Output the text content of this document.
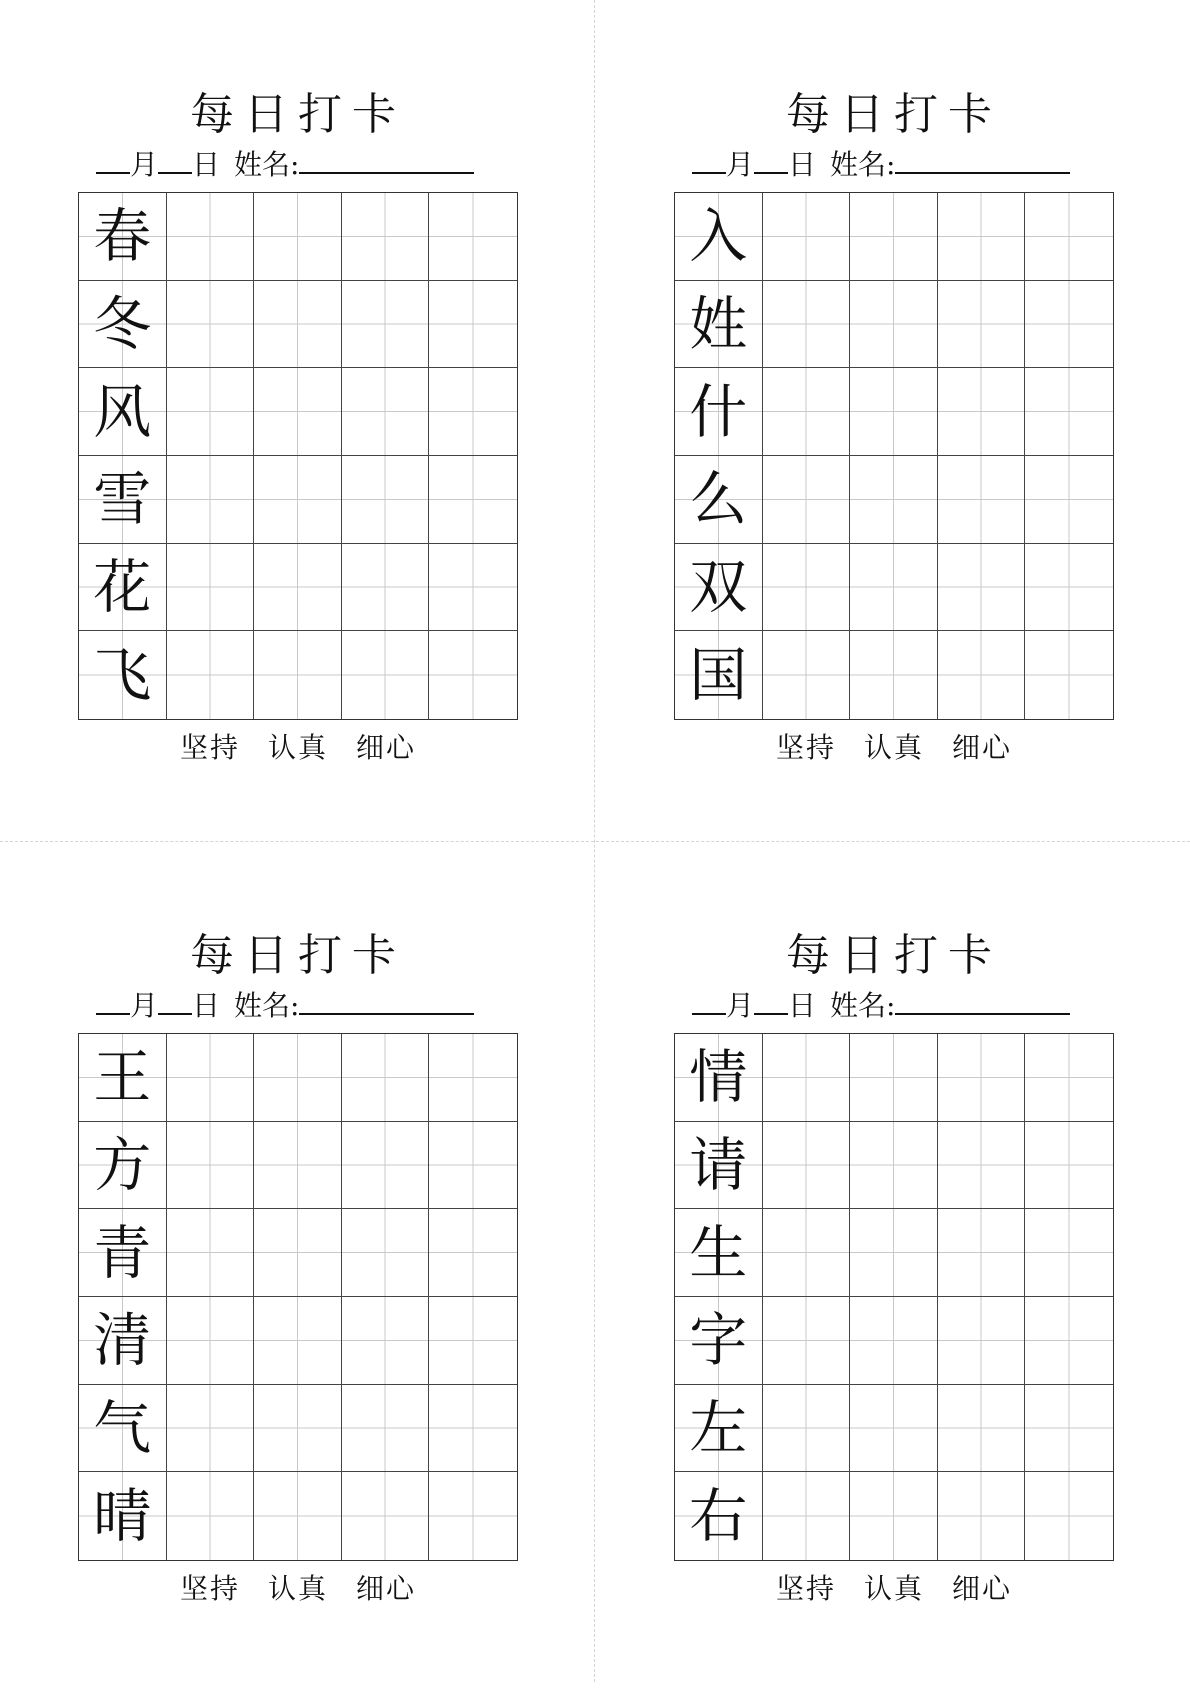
每日打卡
月 日 姓名:
春
冬
风
雪
花
飞
坚持 认真 细心
每日打卡
月 日 姓名:
入
姓
什
么
双
国
坚持 认真 细心
每日打卡
月 日 姓名:
王
方
青
清
气
晴
坚持 认真 细心
每日打卡
月 日 姓名:
情
请
生
字
左
右
坚持 认真 细心
